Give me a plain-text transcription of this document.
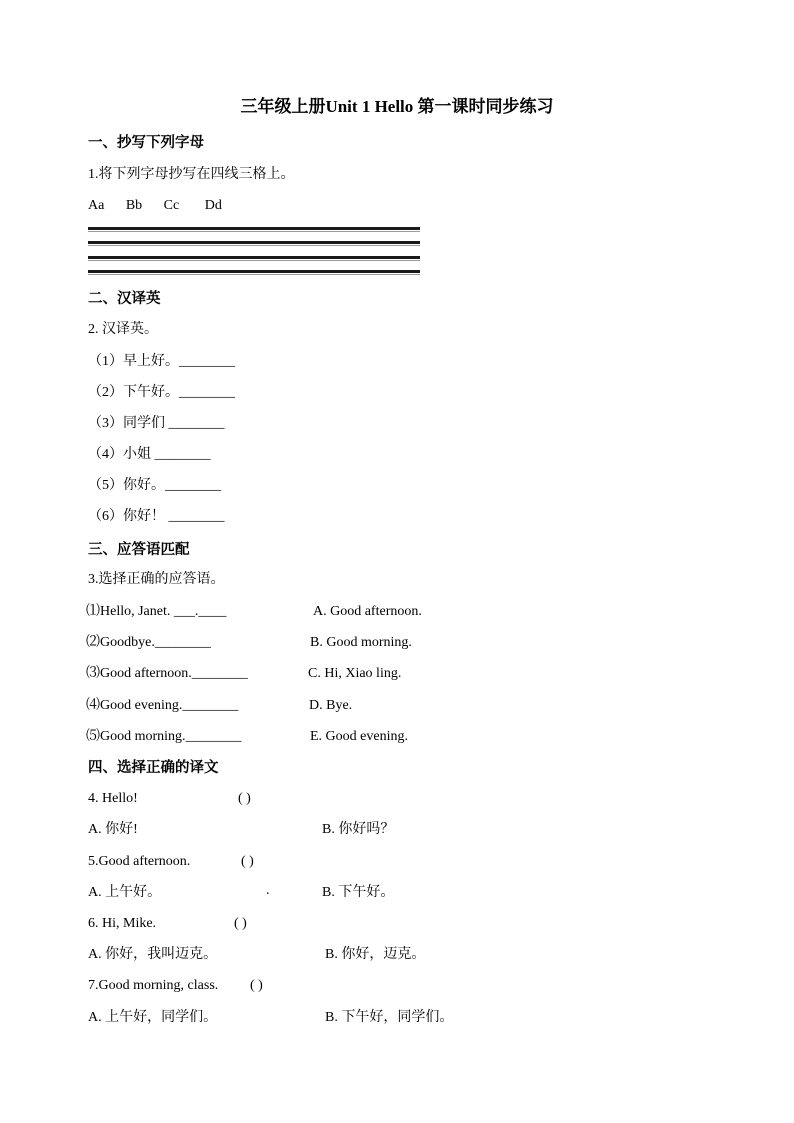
三年级上册Unit 1 Hello 第一课时同步练习
一、抄写下列字母
1.将下列字母抄写在四线三格上。
Aa Bb Cc Dd
二、汉译英
2. 汉译英。
（1）早上好。________
（2）下午好。________
（3）同学们 ________
（4）小姐 ________
（5）你好。________
（6）你好！ ________
三、应答语匹配
3.选择正确的应答语。
⑴Hello, Janet. ___.____	A. Good afternoon.
⑵Goodbye.________	B. Good morning.
⑶Good afternoon.________	C. Hi, Xiao ling.
⑷Good evening.________	D. Bye.
⑸Good morning.________	E. Good evening.
四、选择正确的译文
4. Hello!	( )
A. 你好!	B. 你好吗？
5.Good afternoon.	( )
A. 上午好。	.	B. 下午好。
6. Hi, Mike.	( )
A. 你好，我叫迈克。	B. 你好，迈克。
7.Good morning, class. ( )
A. 上午好，同学们。	B. 下午好，同学们。
